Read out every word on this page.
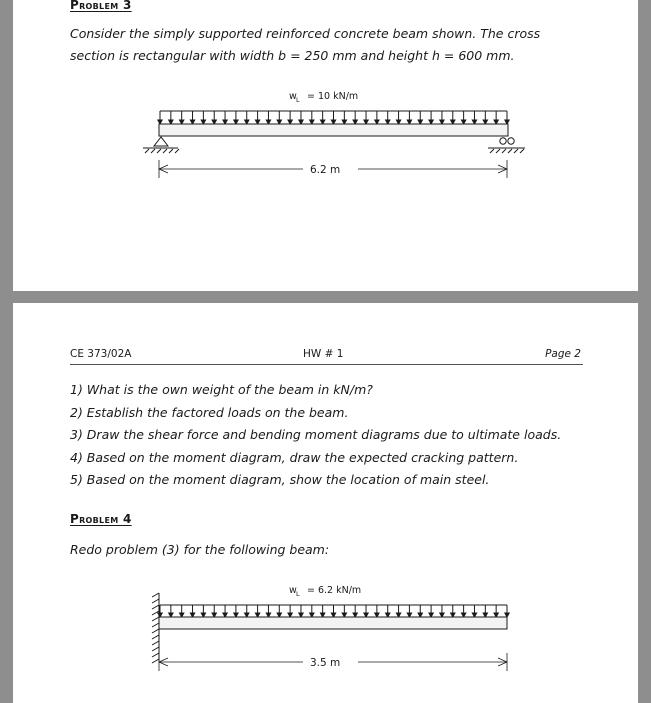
Problem 3

Consider the simply supported reinforced concrete beam shown. The cross section is rectangular with width b = 250 mm and height h = 600 mm.

w L = 10 kN/m
6.2 m
CE 373/02A	HW # 1	Page 2
1) What is the own weight of the beam in kN/m?
2) Establish the factored loads on the beam.
3) Draw the shear force and bending moment diagrams due to ultimate loads.
4) Based on the moment diagram, draw the expected cracking pattern.
5) Based on the moment diagram, show the location of main steel.
Problem 4

Redo problem (3) for the following beam:

w L = 6.2 kN/m
3.5 m
